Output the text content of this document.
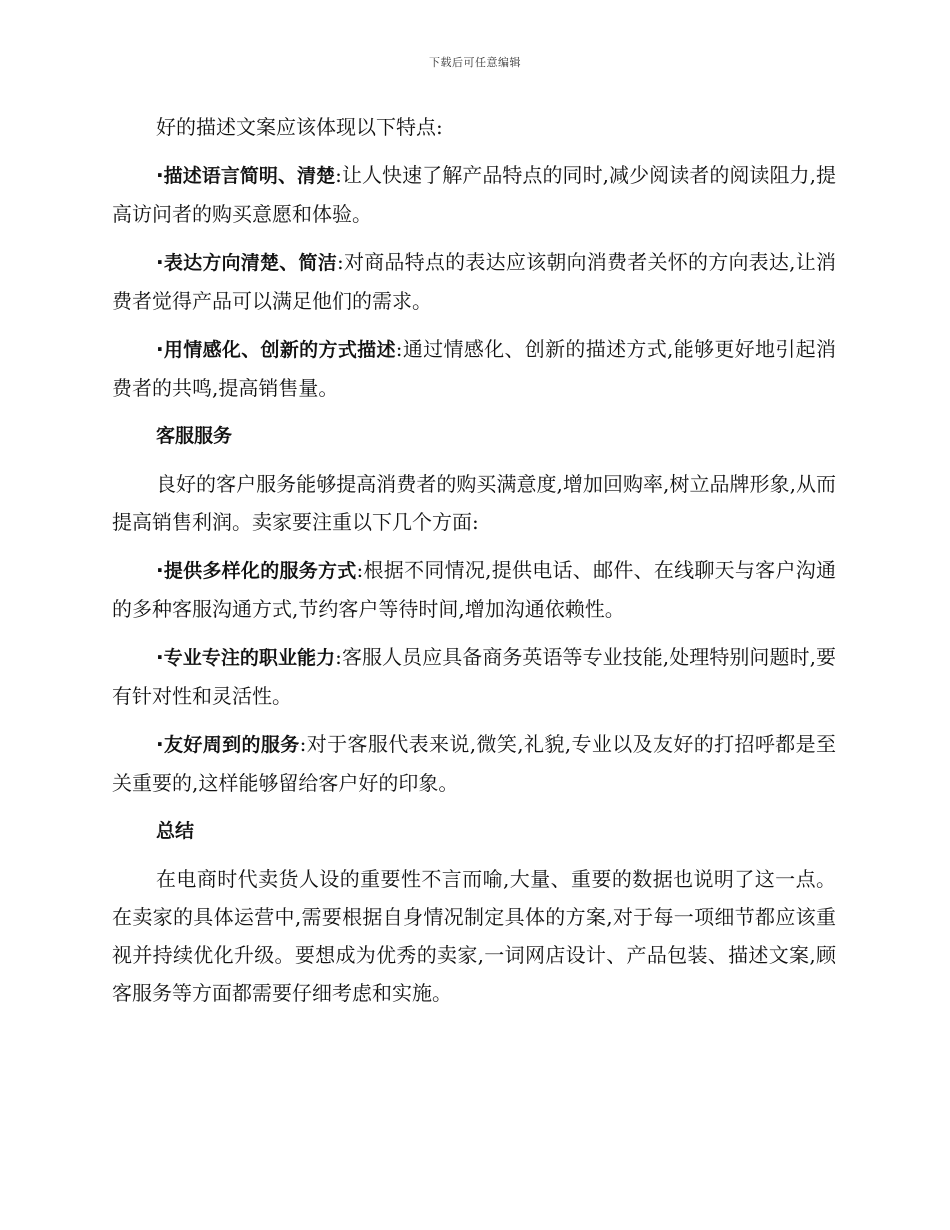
下载后可任意编辑

好的描述文案应该体现以下特点:

·描述语言简明、清楚:让人快速了解产品特点的同时,减少阅读者的阅读阻力,提高访问者的购买意愿和体验。

·表达方向清楚、简洁:对商品特点的表达应该朝向消费者关怀的方向表达,让消费者觉得产品可以满足他们的需求。

·用情感化、创新的方式描述:通过情感化、创新的描述方式,能够更好地引起消费者的共鸣,提高销售量。

客服服务

良好的客户服务能够提高消费者的购买满意度,增加回购率,树立品牌形象,从而提高销售利润。卖家要注重以下几个方面:

·提供多样化的服务方式:根据不同情况,提供电话、邮件、在线聊天与客户沟通的多种客服沟通方式,节约客户等待时间,增加沟通依赖性。

·专业专注的职业能力:客服人员应具备商务英语等专业技能,处理特别问题时,要有针对性和灵活性。

·友好周到的服务:对于客服代表来说,微笑,礼貌,专业以及友好的打招呼都是至关重要的,这样能够留给客户好的印象。

总结

在电商时代卖货人设的重要性不言而喻,大量、重要的数据也说明了这一点。在卖家的具体运营中,需要根据自身情况制定具体的方案,对于每一项细节都应该重视并持续优化升级。要想成为优秀的卖家,一词网店设计、产品包装、描述文案,顾客服务等方面都需要仔细考虑和实施。
